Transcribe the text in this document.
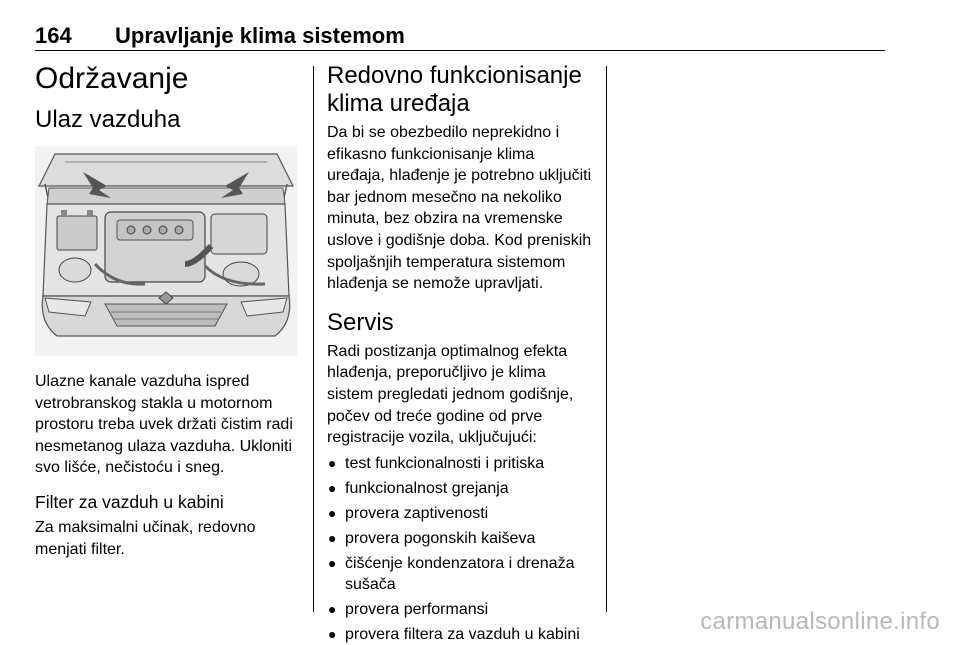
164 Upravljanje klima sistemom
Održavanje
Ulaz vazduha

Ulazne kanale vazduha ispred vetrobranskog stakla u motornom prostoru treba uvek držati čistim radi nesmetanog ulaza vazduha. Ukloniti svo lišće, nečistoću i sneg.

Filter za vazduh u kabini

Za maksimalni učinak, redovno menjati filter.

Redovno funkcionisanje klima uređaja

Da bi se obezbedilo neprekidno i efikasno funkcionisanje klima uređaja, hlađenje je potrebno uključiti bar jednom mesečno na nekoliko minuta, bez obzira na vremenske uslove i godišnje doba. Kod preniskih spoljašnjih temperatura sistemom hlađenja se nemože upravljati.

Servis

Radi postizanja optimalnog efekta hlađenja, preporučljivo je klima sistem pregledati jednom godišnje, počev od treće godine od prve registracije vozila, uključujući:

● test funkcionalnosti i pritiska
● funkcionalnost grejanja
● provera zaptivenosti
● provera pogonskih kaiševa
● čišćenje kondenzatora i drenaža sušača
● provera performansi
● provera filtera za vazduh u kabini	carmanualsonline.info
